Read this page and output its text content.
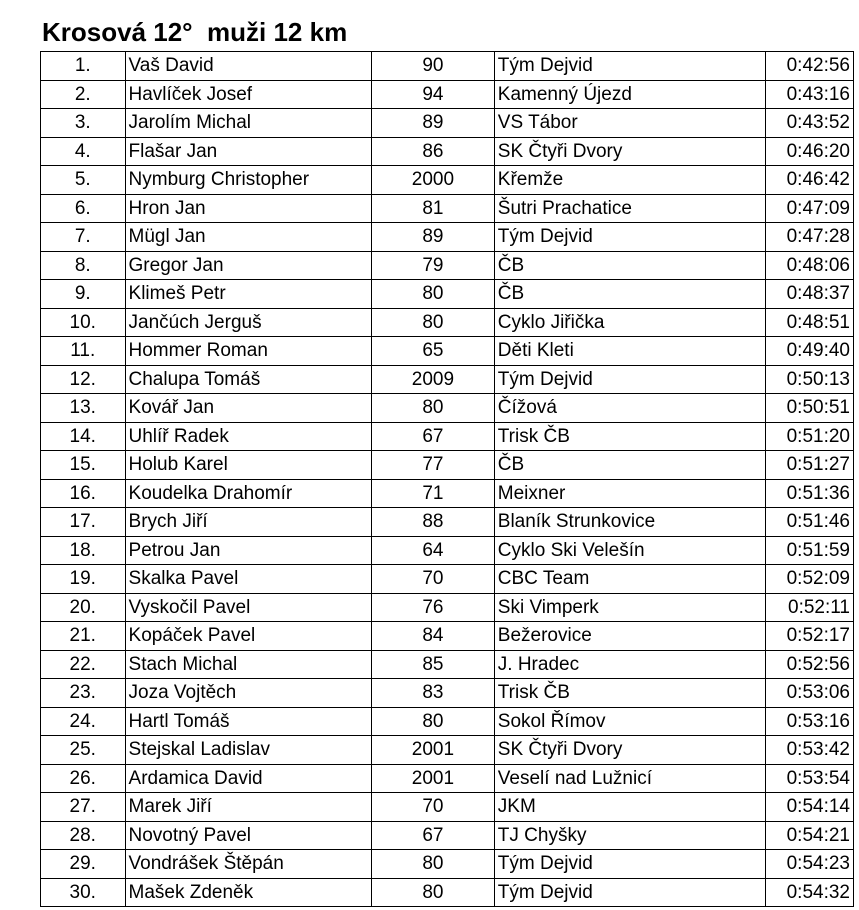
Krosová 12°  muži 12 km
1.	Vaš David	90	Tým Dejvid	0:42:56
2.	Havlíček Josef	94	Kamenný Újezd	0:43:16
3.	Jarolím Michal	89	VS Tábor	0:43:52
4.	Flašar Jan	86	SK Čtyři Dvory	0:46:20
5.	Nymburg Christopher	2000	Křemže	0:46:42
6.	Hron Jan	81	Šutri Prachatice	0:47:09
7.	Mügl Jan	89	Tým Dejvid	0:47:28
8.	Gregor Jan	79	ČB	0:48:06
9.	Klimeš Petr	80	ČB	0:48:37
10.	Jančúch Jerguš	80	Cyklo Jiřička	0:48:51
11.	Hommer Roman	65	Děti Kleti	0:49:40
12.	Chalupa Tomáš	2009	Tým Dejvid	0:50:13
13.	Kovář Jan	80	Čížová	0:50:51
14.	Uhlíř Radek	67	Trisk ČB	0:51:20
15.	Holub Karel	77	ČB	0:51:27
16.	Koudelka Drahomír	71	Meixner	0:51:36
17.	Brych Jiří	88	Blaník Strunkovice	0:51:46
18.	Petrou Jan	64	Cyklo Ski Velešín	0:51:59
19.	Skalka Pavel	70	CBC Team	0:52:09
20.	Vyskočil Pavel	76	Ski Vimperk	0:52:11
21.	Kopáček Pavel	84	Bežerovice	0:52:17
22.	Stach Michal	85	J. Hradec	0:52:56
23.	Joza Vojtěch	83	Trisk ČB	0:53:06
24.	Hartl Tomáš	80	Sokol Římov	0:53:16
25.	Stejskal Ladislav	2001	SK Čtyři Dvory	0:53:42
26.	Ardamica David	2001	Veselí nad Lužnicí	0:53:54
27.	Marek Jiří	70	JKM	0:54:14
28.	Novotný Pavel	67	TJ Chyšky	0:54:21
29.	Vondrášek Štěpán	80	Tým Dejvid	0:54:23
30.	Mašek Zdeněk	80	Tým Dejvid	0:54:32
